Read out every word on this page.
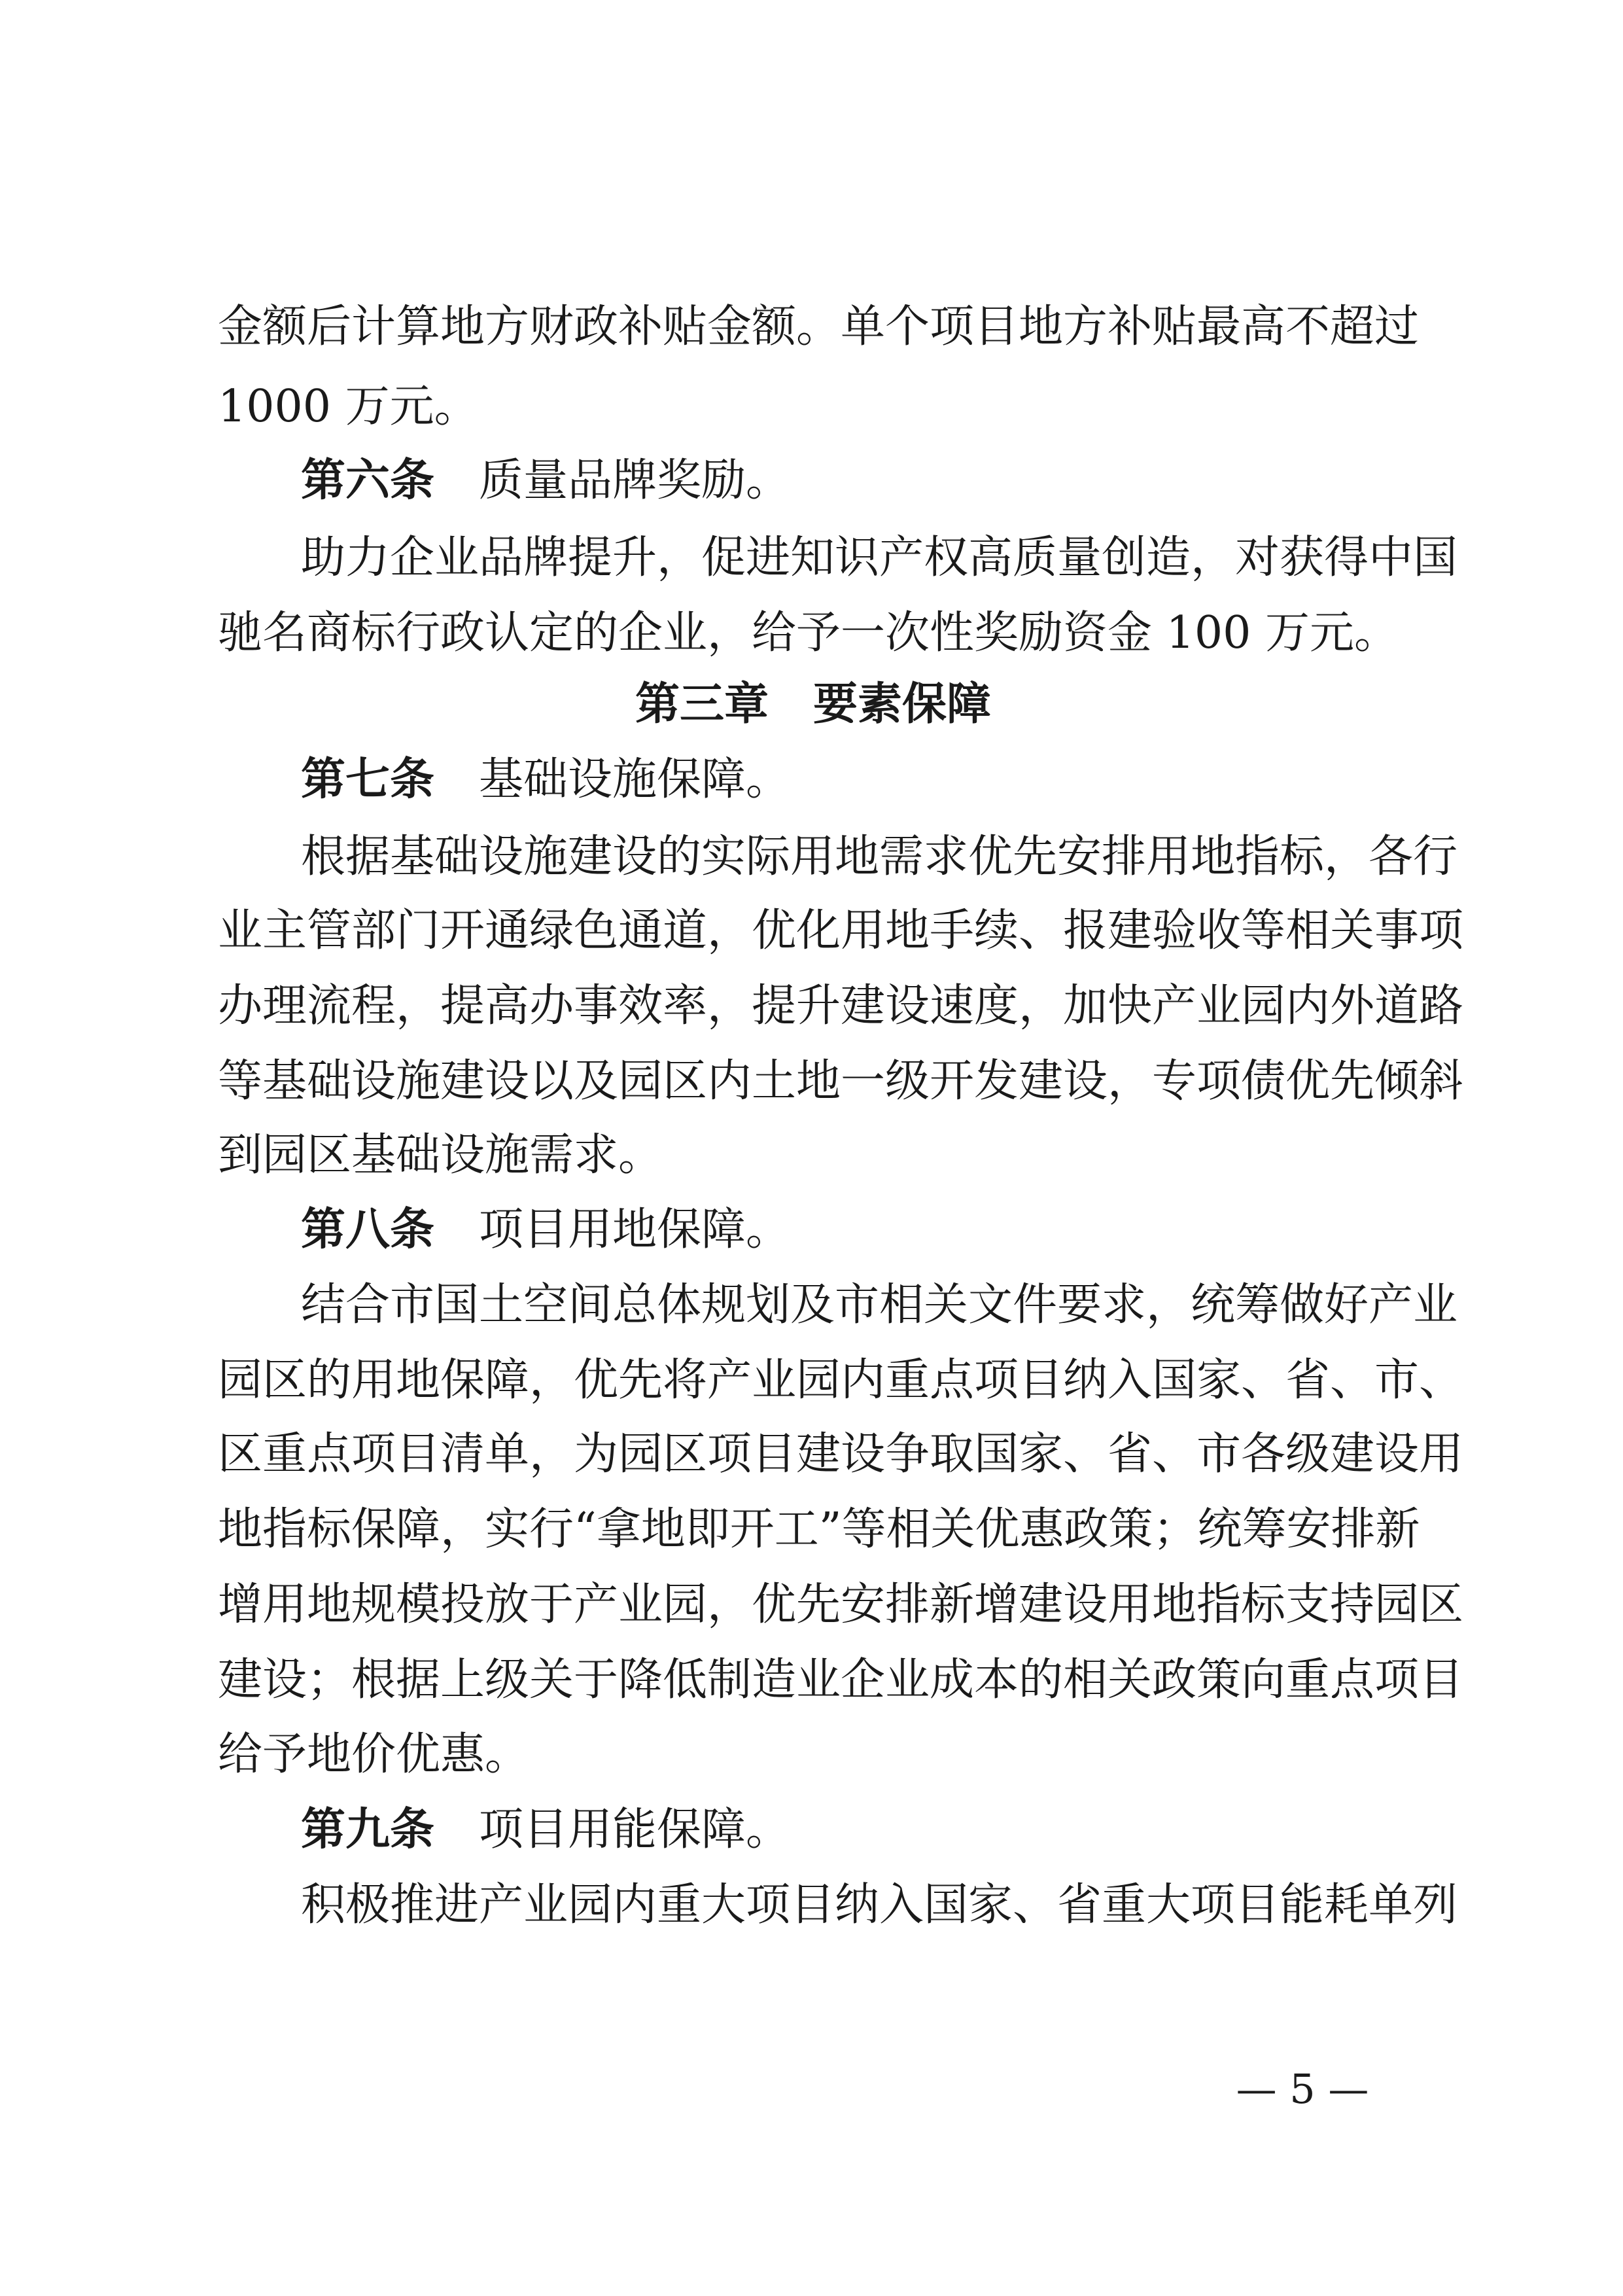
金额后计算地方财政补贴金额。单个项目地方补贴最高不超过
1000 万元。
第六条 质量品牌奖励。
助力企业品牌提升，促进知识产权高质量创造，对获得中国
驰名商标行政认定的企业，给予一次性奖励资金 100 万元。
第三章　要素保障
第七条 基础设施保障。
根据基础设施建设的实际用地需求优先安排用地指标，各行
业主管部门开通绿色通道，优化用地手续、报建验收等相关事项
办理流程，提高办事效率，提升建设速度，加快产业园内外道路
等基础设施建设以及园区内土地一级开发建设，专项债优先倾斜
到园区基础设施需求。
第八条 项目用地保障。
结合市国土空间总体规划及市相关文件要求，统筹做好产业
园区的用地保障，优先将产业园内重点项目纳入国家、省、市、
区重点项目清单，为园区项目建设争取国家、省、市各级建设用
地指标保障，实行“拿地即开工”等相关优惠政策；统筹安排新
增用地规模投放于产业园，优先安排新增建设用地指标支持园区
建设；根据上级关于降低制造业企业成本的相关政策向重点项目
给予地价优惠。
第九条 项目用能保障。
积极推进产业园内重大项目纳入国家、省重大项目能耗单列
— 5 —
